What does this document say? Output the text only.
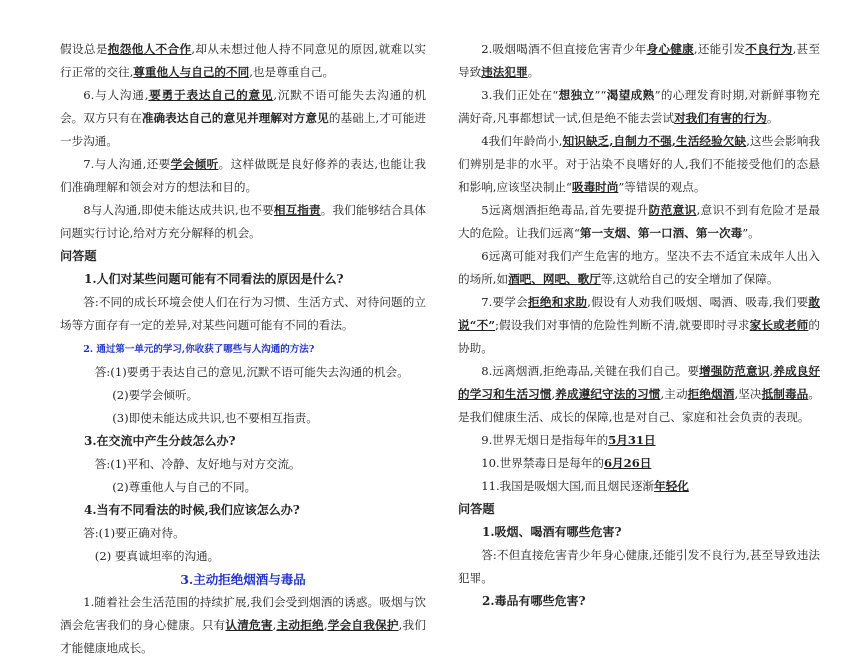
假设总是抱怨他人不合作,却从未想过他人持不同意见的原因,就难以实行正常的交往,尊重他人与自己的不同,也是尊重自己。

6.与人沟通,要勇于表达自己的意见,沉默不语可能失去沟通的机会。双方只有在准确表达自己的意见并理解对方意见的基础上,才可能进一步沟通。

7.与人沟通,还要学会倾听。这样做既是良好修养的表达,也能让我们准确理解和领会对方的想法和目的。

8与人沟通,即使未能达成共识,也不要相互指责。我们能够结合具体问题实行讨论,给对方充分解释的机会。

问答题

1.人们对某些问题可能有不同看法的原因是什么?

答:不同的成长环境会使人们在行为习惯、生活方式、对待问题的立场等方面存有一定的差异,对某些问题可能有不同的看法。

2. 通过第一单元的学习,你收获了哪些与人沟通的方法?

答:(1)要勇于表达自己的意见,沉默不语可能失去沟通的机会。

(2)要学会倾听。

(3)即使未能达成共识,也不要相互指责。

3.在交流中产生分歧怎么办?

答:(1)平和、冷静、友好地与对方交流。

(2)尊重他人与自己的不同。

4.当有不同看法的时候,我们应该怎么办?

答:(1)要正确对待。

(2) 要真诚坦率的沟通。

3.主动拒绝烟酒与毒品

1.随着社会生活范围的持续扩展,我们会受到烟酒的诱惑。吸烟与饮酒会危害我们的身心健康。只有认清危害,主动拒绝,学会自我保护,我们才能健康地成长。

2.吸烟喝酒不但直接危害青少年身心健康,还能引发不良行为,甚至导致违法犯罪。

3.我们正处在“想独立”“渴望成熟”的心理发育时期,对新鲜事物充满好奇,凡事都想试一试,但是绝不能去尝试对我们有害的行为。

4我们年龄尚小,知识缺乏,自制力不强,生活经验欠缺,这些会影响我们辨别是非的水平。对于沾染不良嗜好的人,我们不能接受他们的态悬和影响,应该坚决制止“吸毒时尚”等错误的观点。

5远离烟酒拒绝毒品,首先要提升防范意识,意识不到有危险才是最大的危险。让我们远离“第一支烟、第一口酒、第一次毒”。

6远离可能对我们产生危害的地方。坚决不去不适宜未成年人出入的场所,如酒吧、网吧、歌厅等,这就给自己的安全增加了保障。

7.要学会拒绝和求助,假设有人劝我们吸烟、喝酒、吸毒,我们要敢说“不”;假设我们对事情的危险性判断不清,就要即时寻求家长或老师的协助。

8.远离烟酒,拒绝毒品,关键在我们自己。要增强防范意识,养成良好的学习和生活习惯,养成遵纪守法的习惯,主动拒绝烟酒,坚决抵制毒品。是我们健康生活、成长的保障,也是对自己、家庭和社会负责的表现。

9.世界无烟日是指每年的5月31日

10.世界禁毒日是每年的6月26日

11.我国是吸烟大国,而且烟民逐渐年轻化

问答题

1.吸烟、喝酒有哪些危害?

答:不但直接危害青少年身心健康,还能引发不良行为,甚至导致违法犯罪。

2.毒品有哪些危害?
